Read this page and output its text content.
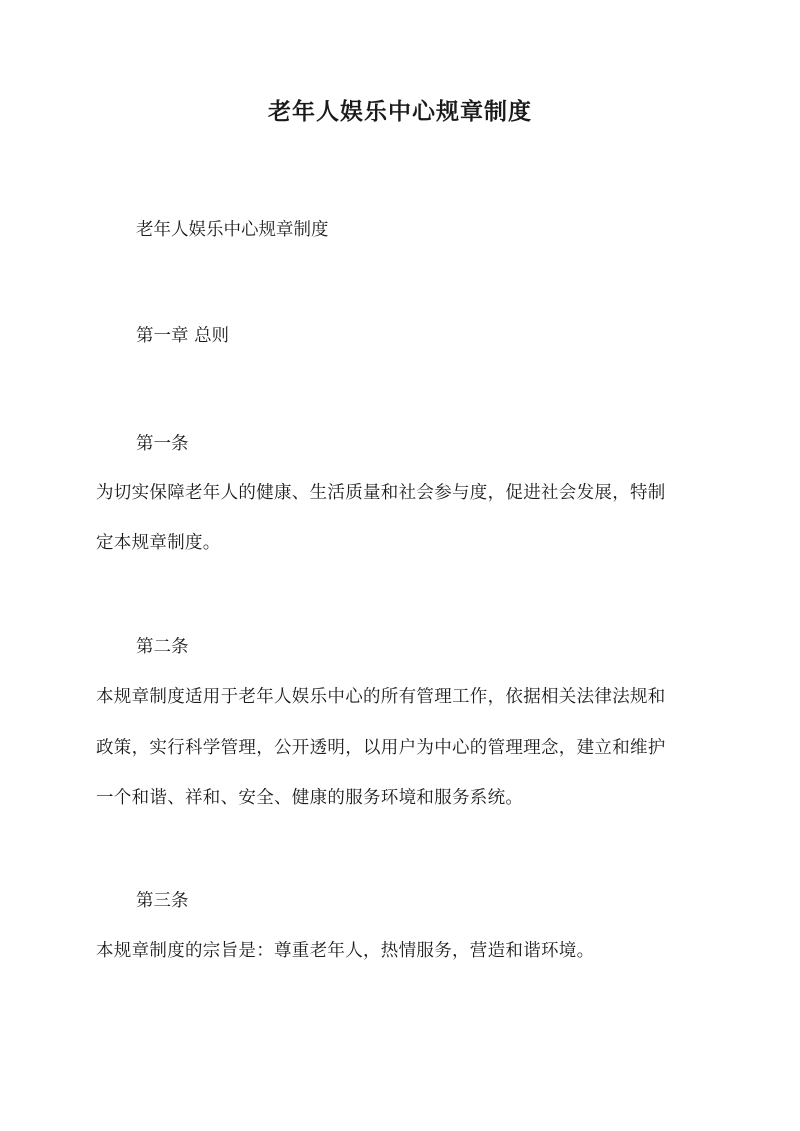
老年人娱乐中心规章制度
老年人娱乐中心规章制度
第一章 总则
第一条
为切实保障老年人的健康、生活质量和社会参与度，促进社会发展，特制
定本规章制度。
第二条
本规章制度适用于老年人娱乐中心的所有管理工作，依据相关法律法规和
政策，实行科学管理，公开透明，以用户为中心的管理理念，建立和维护
一个和谐、祥和、安全、健康的服务环境和服务系统。
第三条
本规章制度的宗旨是：尊重老年人，热情服务，营造和谐环境。
